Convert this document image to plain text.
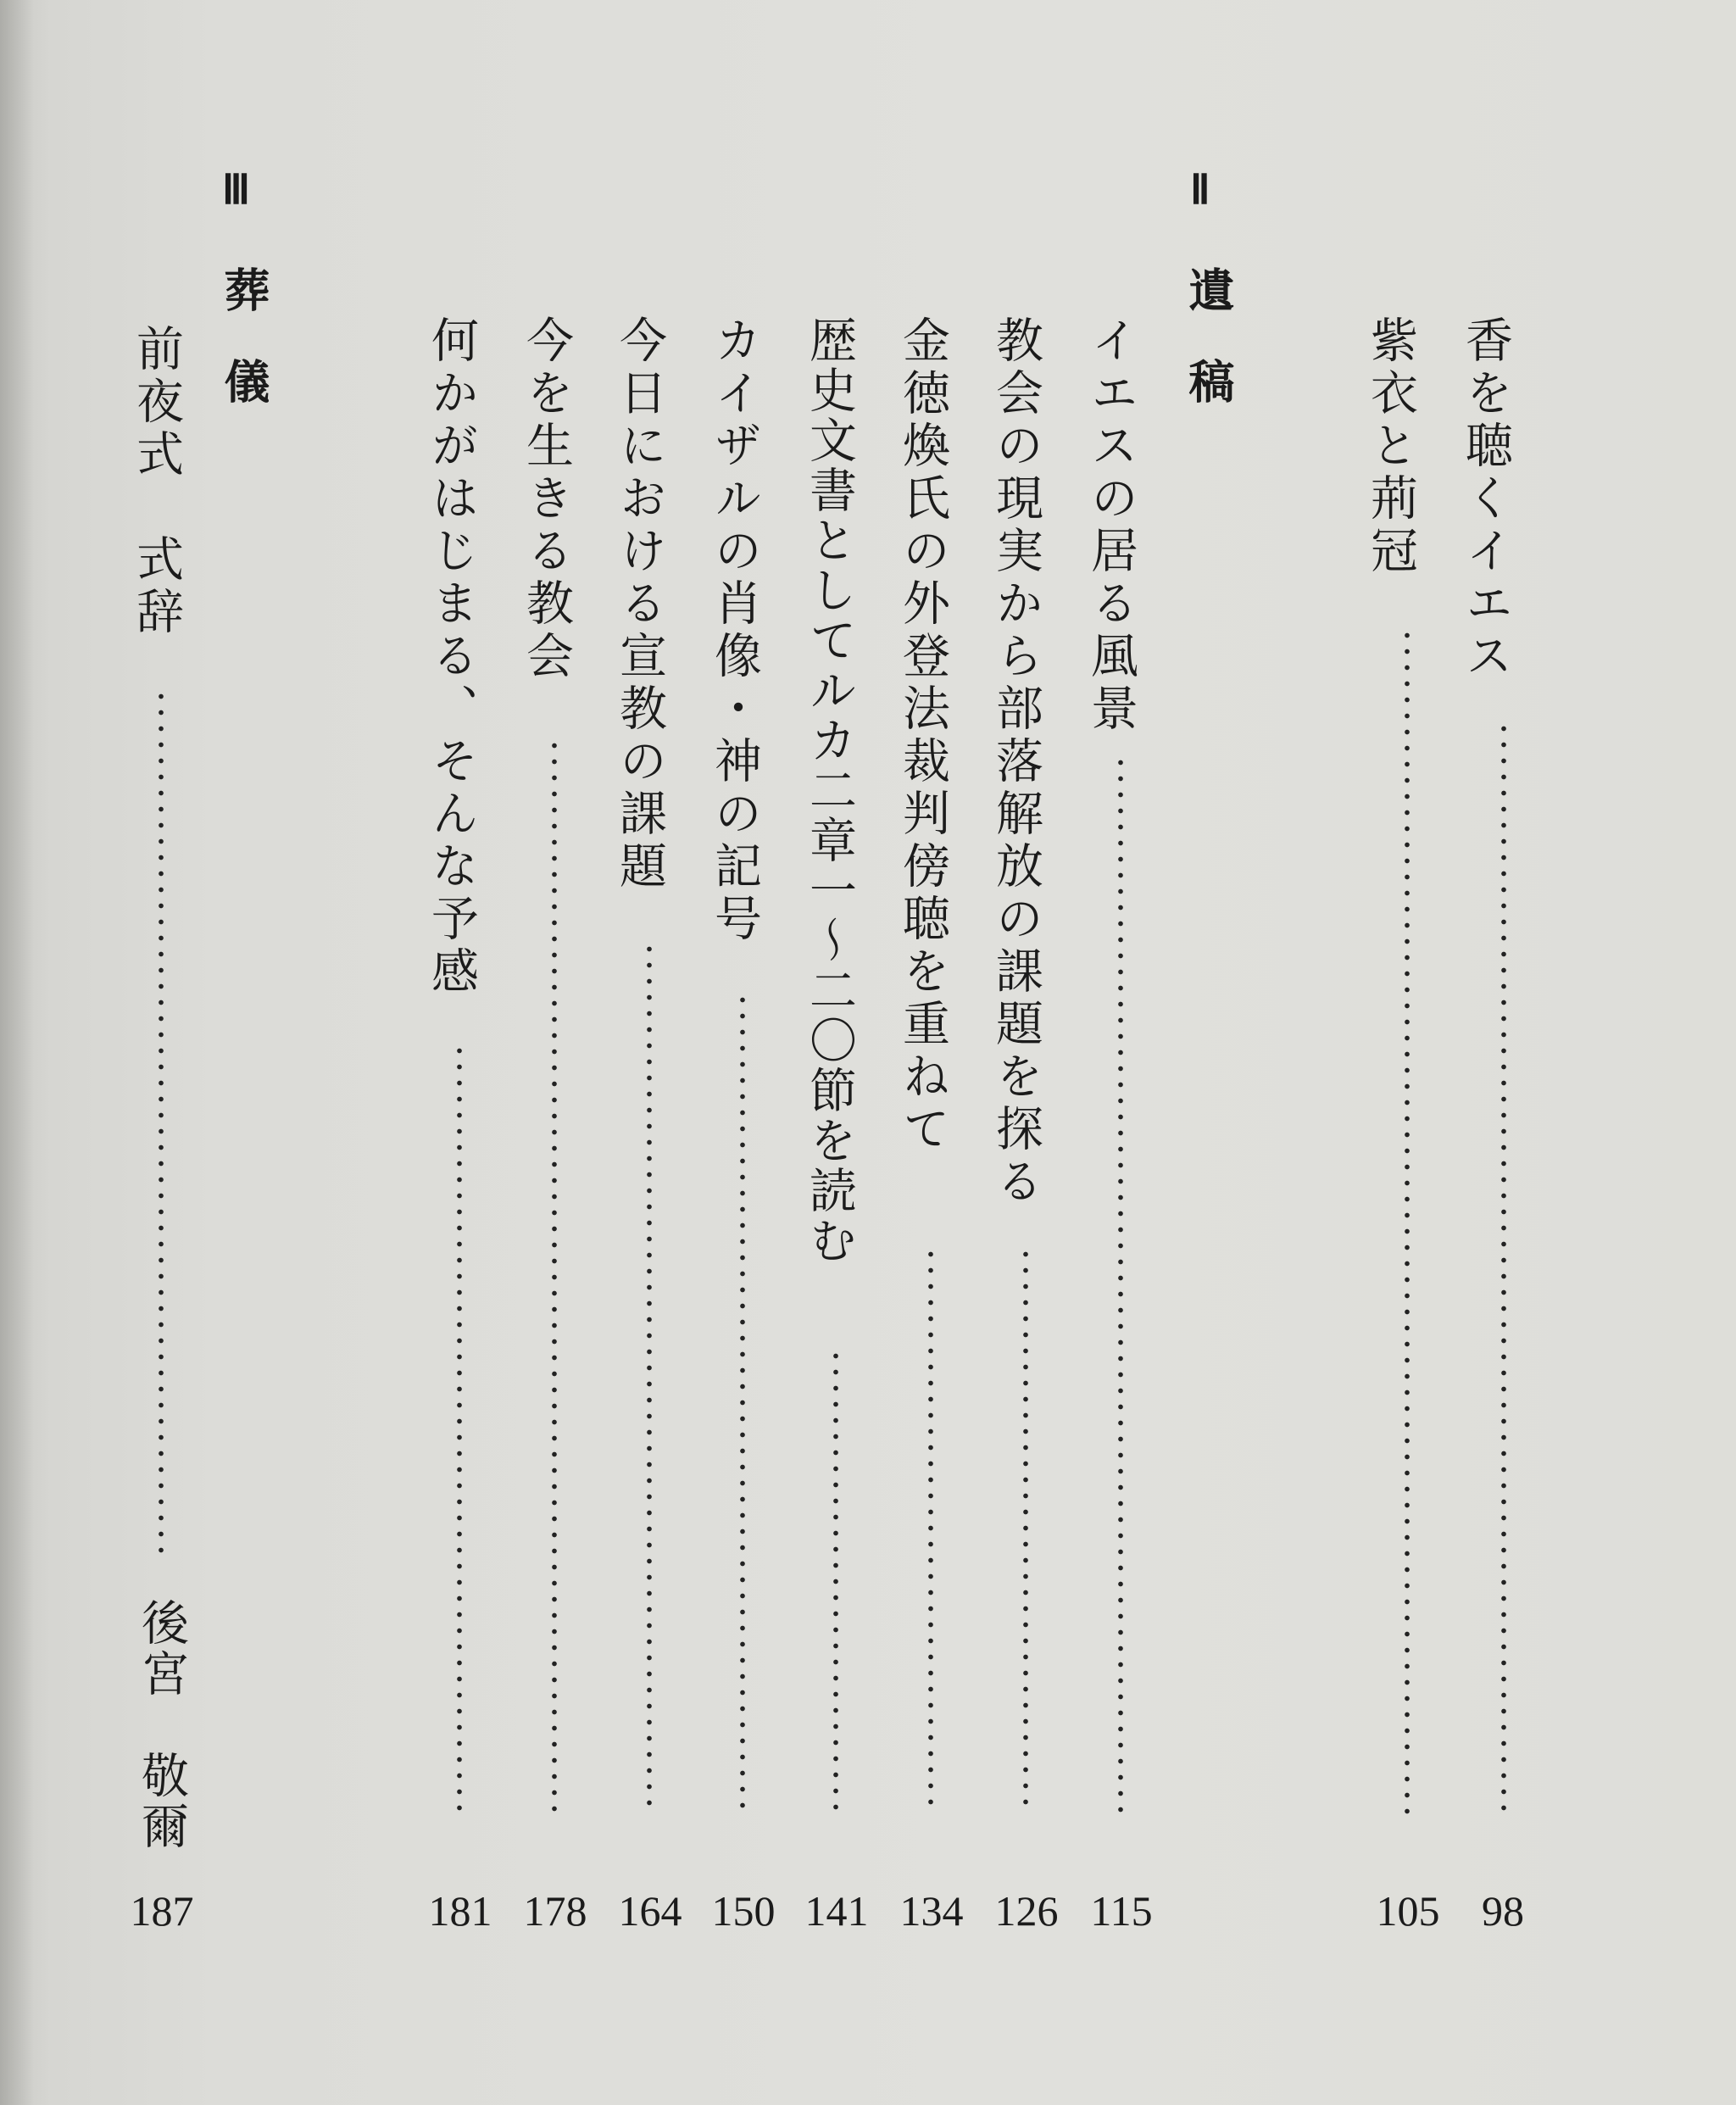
Ⅱ
遺　稿	香を聴くイエス
98
紫衣と荊冠
105
イエスの居る風景
115
教会の現実から部落解放の課題を探る
126
金徳煥氏の外登法裁判傍聴を重ねて
134
歴史文書としてルカ二章一～二〇節を読む
141
カイザルの肖像・神の記号
150
今日における宣教の課題
164
今を生きる教会
178
何かがはじまる、そんな予感
181
Ⅲ
葬　儀
前夜式　式辞
後宮　敬爾
187
